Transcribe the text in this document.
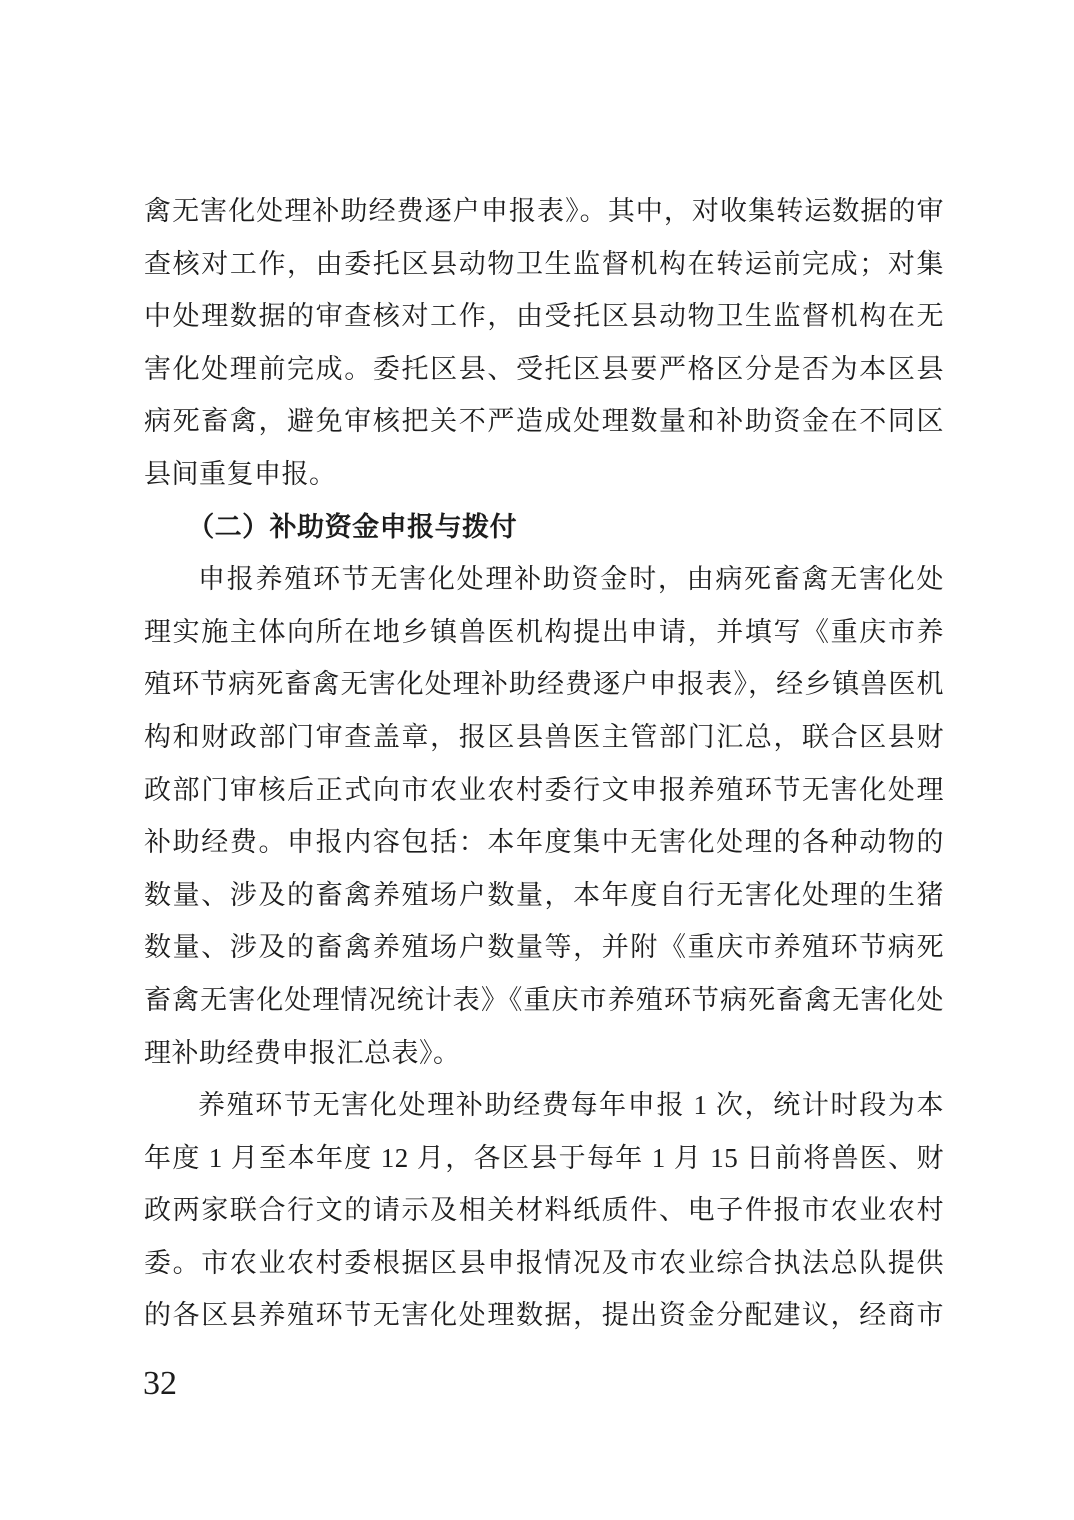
禽无害化处理补助经费逐户申报表》。其中，对收集转运数据的审
查核对工作，由委托区县动物卫生监督机构在转运前完成；对集
中处理数据的审查核对工作，由受托区县动物卫生监督机构在无
害化处理前完成。委托区县、受托区县要严格区分是否为本区县
病死畜禽，避免审核把关不严造成处理数量和补助资金在不同区
县间重复申报。
（二）补助资金申报与拨付
申报养殖环节无害化处理补助资金时，由病死畜禽无害化处
理实施主体向所在地乡镇兽医机构提出申请，并填写《重庆市养
殖环节病死畜禽无害化处理补助经费逐户申报表》，经乡镇兽医机
构和财政部门审查盖章，报区县兽医主管部门汇总，联合区县财
政部门审核后正式向市农业农村委行文申报养殖环节无害化处理
补助经费。申报内容包括：本年度集中无害化处理的各种动物的
数量、涉及的畜禽养殖场户数量，本年度自行无害化处理的生猪
数量、涉及的畜禽养殖场户数量等，并附《重庆市养殖环节病死
畜禽无害化处理情况统计表》《重庆市养殖环节病死畜禽无害化处
理补助经费申报汇总表》。
养殖环节无害化处理补助经费每年申报 1 次，统计时段为本
年度 1 月至本年度 12 月，各区县于每年 1 月 15 日前将兽医、财
政两家联合行文的请示及相关材料纸质件、电子件报市农业农村
委。市农业农村委根据区县申报情况及市农业综合执法总队提供
的各区县养殖环节无害化处理数据，提出资金分配建议，经商市
32
